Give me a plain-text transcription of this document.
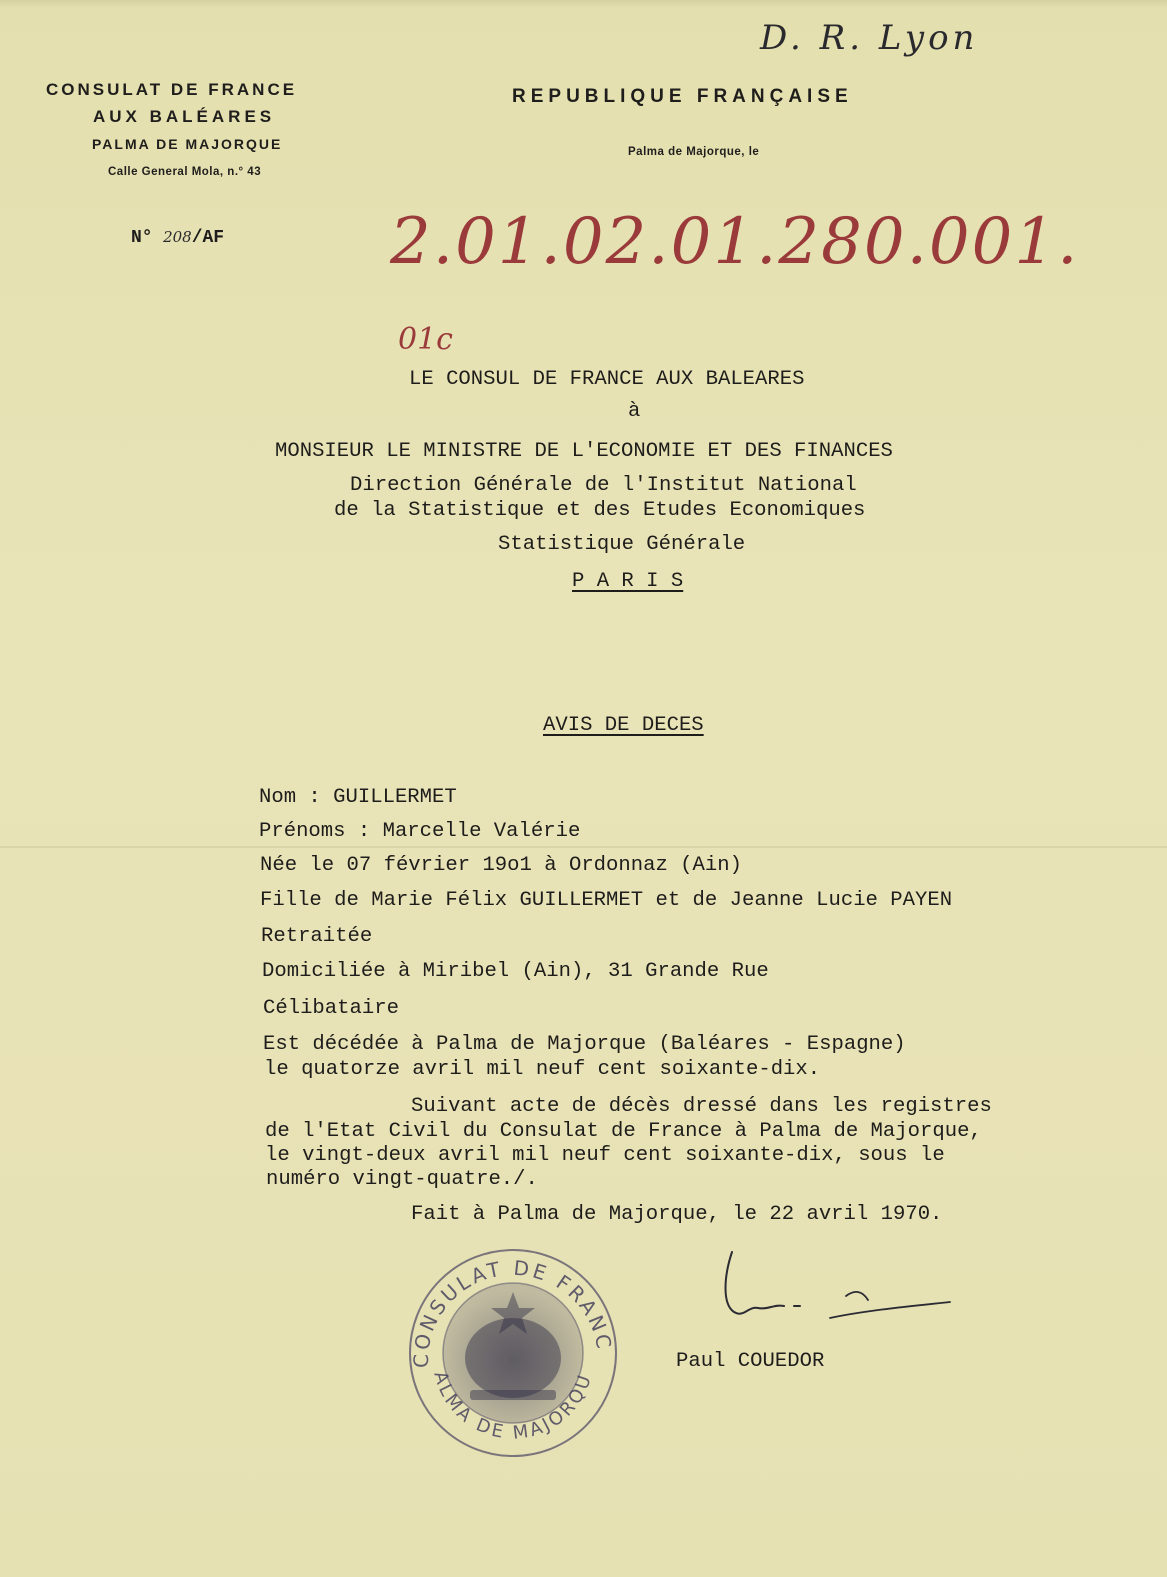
CONSULAT DE FRANCE
AUX BALÉARES
PALMA DE MAJORQUE
Calle General Mola, n.° 43
N° 208/AF
REPUBLIQUE FRANÇAISE
Palma de Majorque, le
D. R. Lyon
2.01.02.01.280.001.
01c
LE CONSUL DE FRANCE AUX BALEARES
à
MONSIEUR LE MINISTRE DE L'ECONOMIE ET DES FINANCES
Direction Générale de l'Institut National
de la Statistique et des Etudes Economiques
Statistique Générale
P A R I S
AVIS DE DECES
Nom : GUILLERMET
Prénoms : Marcelle Valérie
Née le 07 février 19o1 à Ordonnaz (Ain)
Fille de Marie Félix GUILLERMET et de Jeanne Lucie PAYEN
Retraitée
Domiciliée à Miribel (Ain), 31 Grande Rue
Célibataire
Est décédée à Palma de Majorque (Baléares - Espagne)
le quatorze avril mil neuf cent soixante-dix.
Suivant acte de décès dressé dans les registres
de l'Etat Civil du Consulat de France à Palma de Majorque,
le vingt-deux avril mil neuf cent soixante-dix, sous le
numéro vingt-quatre./.
Fait à Palma de Majorque, le 22 avril 1970.
CONSULAT DE FRANC
ALMA DE MAJORQU
Paul COUEDOR
